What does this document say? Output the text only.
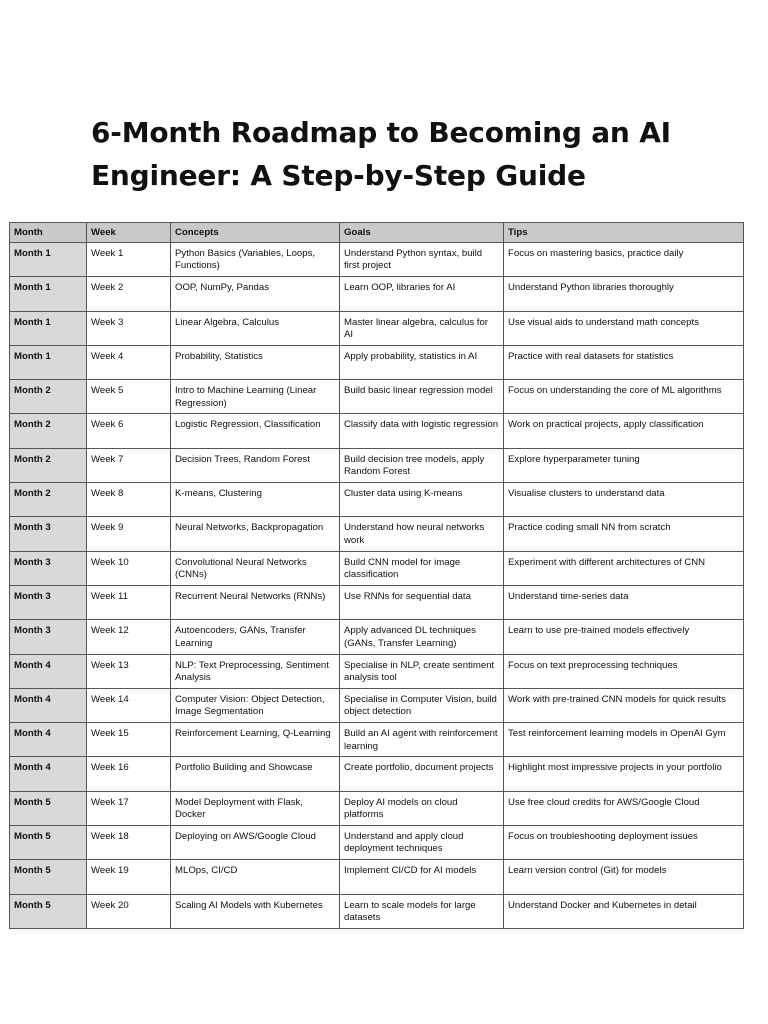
6-Month Roadmap to Becoming an AI Engineer: A Step-by-Step Guide
Month	Week	Concepts	Goals	Tips
Month 1	Week 1	Python Basics (Variables, Loops, Functions)	Understand Python syntax, build first project	Focus on mastering basics, practice daily
Month 1	Week 2	OOP, NumPy, Pandas	Learn OOP, libraries for AI	Understand Python libraries thoroughly
Month 1	Week 3	Linear Algebra, Calculus	Master linear algebra, calculus for AI	Use visual aids to understand math concepts
Month 1	Week 4	Probability, Statistics	Apply probability, statistics in AI	Practice with real datasets for statistics
Month 2	Week 5	Intro to Machine Learning (Linear Regression)	Build basic linear regression model	Focus on understanding the core of ML algorithms
Month 2	Week 6	Logistic Regression, Classification	Classify data with logistic regression	Work on practical projects, apply classification
Month 2	Week 7	Decision Trees, Random Forest	Build decision tree models, apply Random Forest	Explore hyperparameter tuning
Month 2	Week 8	K-means, Clustering	Cluster data using K-means	Visualise clusters to understand data
Month 3	Week 9	Neural Networks, Backpropagation	Understand how neural networks work	Practice coding small NN from scratch
Month 3	Week 10	Convolutional Neural Networks (CNNs)	Build CNN model for image classification	Experiment with different architectures of CNN
Month 3	Week 11	Recurrent Neural Networks (RNNs)	Use RNNs for sequential data	Understand time-series data
Month 3	Week 12	Autoencoders, GANs, Transfer Learning	Apply advanced DL techniques (GANs, Transfer Learning)	Learn to use pre-trained models effectively
Month 4	Week 13	NLP: Text Preprocessing, Sentiment Analysis	Specialise in NLP, create sentiment analysis tool	Focus on text preprocessing techniques
Month 4	Week 14	Computer Vision: Object Detection, Image Segmentation	Specialise in Computer Vision, build object detection	Work with pre-trained CNN models for quick results
Month 4	Week 15	Reinforcement Learning, Q-Learning	Build an AI agent with reinforcement learning	Test reinforcement learning models in OpenAI Gym
Month 4	Week 16	Portfolio Building and Showcase	Create portfolio, document projects	Highlight most impressive projects in your portfolio
Month 5	Week 17	Model Deployment with Flask, Docker	Deploy AI models on cloud platforms	Use free cloud credits for AWS/Google Cloud
Month 5	Week 18	Deploying on AWS/Google Cloud	Understand and apply cloud deployment techniques	Focus on troubleshooting deployment issues
Month 5	Week 19	MLOps, CI/CD	Implement CI/CD for AI models	Learn version control (Git) for models
Month 5	Week 20	Scaling AI Models with Kubernetes	Learn to scale models for large datasets	Understand Docker and Kubernetes in detail
